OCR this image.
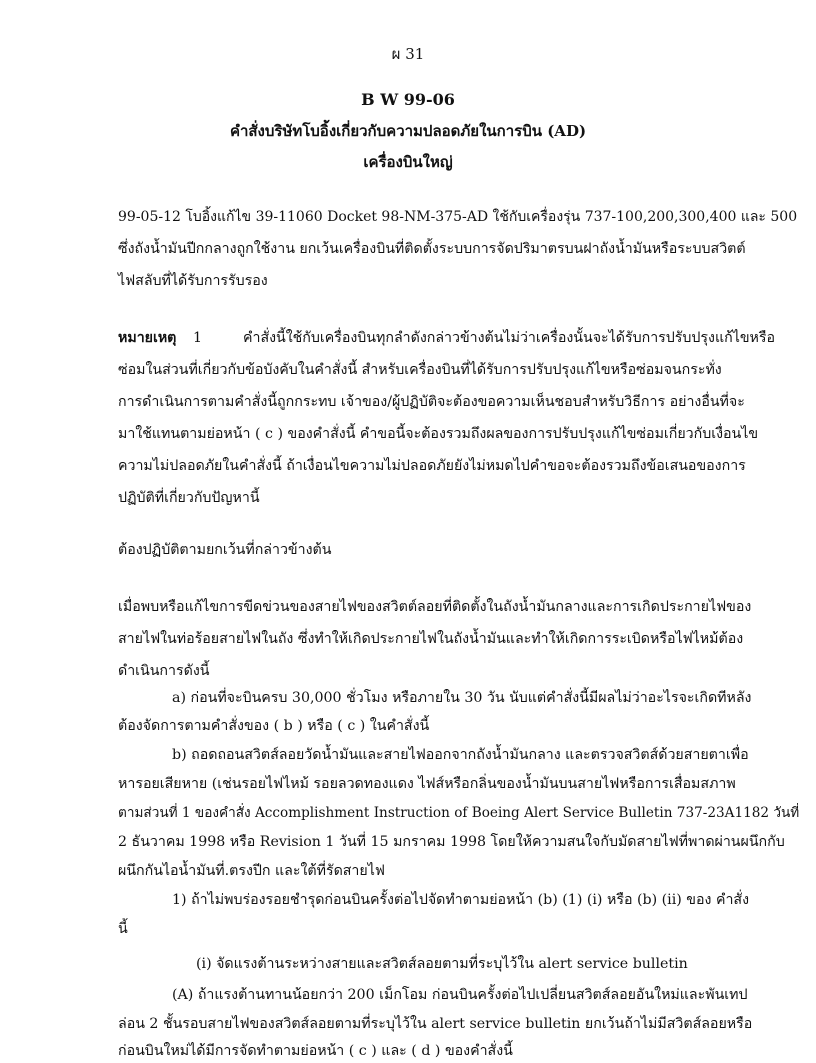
ผ 31
B W 99-06
คำสั่งบริษัทโบอิ้งเกี่ยวกับความปลอดภัยในการบิน (AD)
เครื่องบินใหญ่
99-05-12 โบอิ้งแก้ไข 39-11060 Docket 98-NM-375-AD ใช้กับเครื่องรุ่น 737-100,200,300,400 และ 500
ซึ่งถังน้ำมันปีกกลางถูกใช้งาน ยกเว้นเครื่องบินที่ติดตั้งระบบการจัดปริมาตรบนฝาถังน้ำมันหรือระบบสวิตต์
ไฟสลับที่ได้รับการรับรอง
หมายเหตุ 1	คำสั่งนี้ใช้กับเครื่องบินทุกลำดังกล่าวข้างต้นไม่ว่าเครื่องนั้นจะได้รับการปรับปรุงแก้ไขหรือ
ซ่อมในส่วนที่เกี่ยวกับข้อบังคับในคำสั่งนี้ สำหรับเครื่องบินที่ได้รับการปรับปรุงแก้ไขหรือซ่อมจนกระทั่ง
การดำเนินการตามคำสั่งนี้ถูกกระทบ เจ้าของ/ผู้ปฏิบัติจะต้องขอความเห็นชอบสำหรับวิธีการ อย่างอื่นที่จะ
มาใช้แทนตามย่อหน้า ( c ) ของคำสั่งนี้ คำขอนี้จะต้องรวมถึงผลของการปรับปรุงแก้ไขซ่อมเกี่ยวกับเงื่อนไข
ความไม่ปลอดภัยในคำสั่งนี้ ถ้าเงื่อนไขความไม่ปลอดภัยยังไม่หมดไปคำขอจะต้องรวมถึงข้อเสนอของการ
ปฏิบัติที่เกี่ยวกับปัญหานี้
ต้องปฏิบัติตามยกเว้นที่กล่าวข้างต้น
เมื่อพบหรือแก้ไขการขีดข่วนของสายไฟของสวิตต์ลอยที่ติดตั้งในถังน้ำมันกลางและการเกิดประกายไฟของ
สายไฟในท่อร้อยสายไฟในถัง ซึ่งทำให้เกิดประกายไฟในถังน้ำมันและทำให้เกิดการระเบิดหรือไฟไหม้ต้อง
ดำเนินการดังนี้
a) ก่อนที่จะบินครบ 30,000 ชั่วโมง หรือภายใน 30 วัน นับแต่คำสั่งนี้มีผลไม่ว่าอะไรจะเกิดทีหลัง
ต้องจัดการตามคำสั่งของ ( b ) หรือ ( c ) ในคำสั่งนี้
b) ถอดถอนสวิตส์ลอยวัดน้ำมันและสายไฟออกจากถังน้ำมันกลาง และตรวจสวิตส์ด้วยสายตาเพื่อ
หารอยเสียหาย (เช่นรอยไฟไหม้ รอยลวดทองแดง ไฟส์หรือกลิ่นของน้ำมันบนสายไฟหรือการเสื่อมสภาพ
ตามส่วนที่ 1 ของคำสั่ง Accomplishment Instruction of Boeing Alert Service Bulletin 737-23A1182 วันที่
2 ธันวาคม 1998 หรือ Revision 1 วันที่ 15 มกราคม 1998 โดยให้ความสนใจกับมัดสายไฟที่พาดผ่านผนึกกับ
ผนึกกันไอน้ำมันที่.ตรงปีก และใต้ที่รัดสายไฟ
1) ถ้าไม่พบร่องรอยชำรุดก่อนบินครั้งต่อไปจัดทำตามย่อหน้า (b) (1) (i) หรือ (b) (ii) ของ คำสั่ง
นี้
(i) จัดแรงต้านระหว่างสายและสวิตส์ลอยตามที่ระบุไว้ใน alert service bulletin
(A) ถ้าแรงต้านทานน้อยกว่า 200 เม็กโอม ก่อนบินครั้งต่อไปเปลี่ยนสวิตส์ลอยอันใหม่และพันเทป
ล่อน 2 ชั้นรอบสายไฟของสวิตส์ลอยตามที่ระบุไว้ใน alert service bulletin ยกเว้นถ้าไม่มีสวิตส์ลอยหรือ
ก่อนบินใหม่ได้มีการจัดทำตามย่อหน้า ( c ) และ ( d ) ของคำสั่งนี้
